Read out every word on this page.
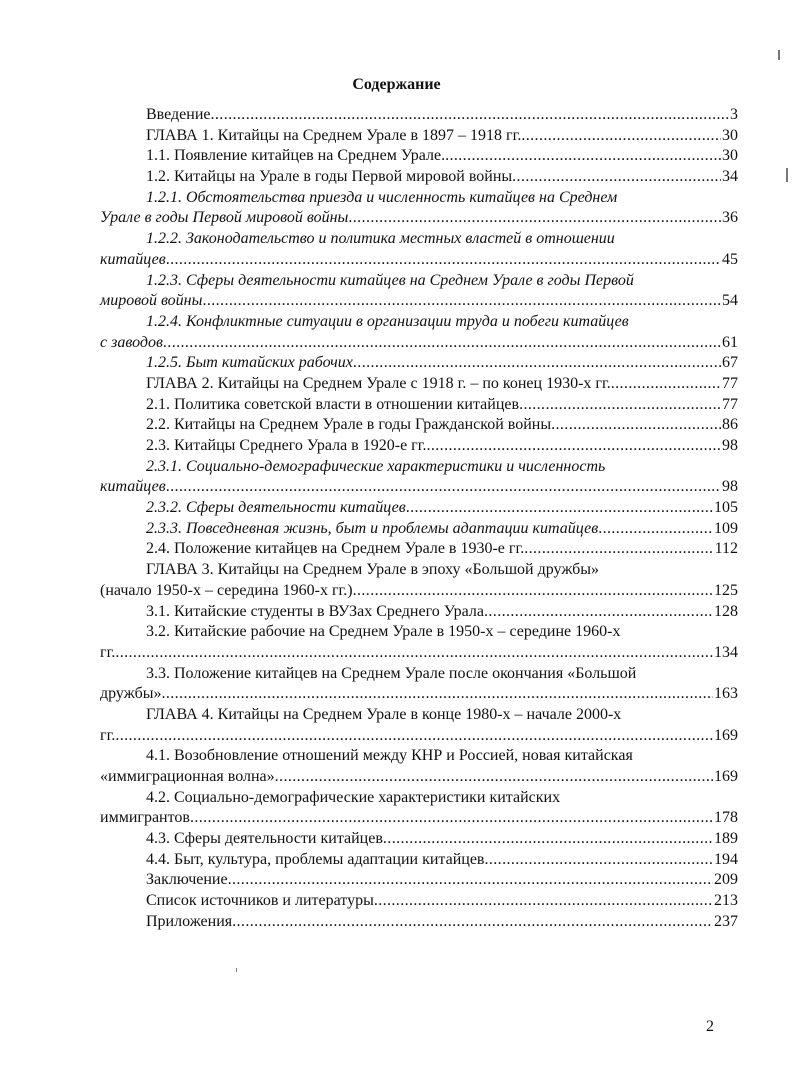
Содержание
Введение .....	3
ГЛАВА 1. Китайцы на Среднем Урале в 1897 – 1918 гг. .....	30
1.1. Появление китайцев на Среднем Урале. .....	30
1.2. Китайцы на Урале в годы Первой мировой войны .....	34
1.2.1. Обстоятельства приезда и численность китайцев на Среднем
Урале в годы Первой мировой войны .....	36
1.2.2. Законодательство и политика местных властей в отношении
китайцев .....	45
1.2.3. Сферы деятельности китайцев на Среднем Урале в годы Первой
мировой войны .....	54
1.2.4. Конфликтные ситуации в организации труда и побеги китайцев
с заводов .....	61
1.2.5. Быт китайских рабочих .....	67
ГЛАВА 2. Китайцы на Среднем Урале с 1918 г. – по конец 1930-х гг. .....	77
2.1. Политика советской власти в отношении китайцев .....	77
2.2. Китайцы на Среднем Урале в годы Гражданской войны .....	86
2.3. Китайцы Среднего Урала в 1920-е гг. .....	98
2.3.1. Социально-демографические характеристики и численность
китайцев .....	98
2.3.2. Сферы деятельности китайцев .....	105
2.3.3. Повседневная жизнь, быт и проблемы адаптации китайцев .....	109
2.4. Положение китайцев на Среднем Урале в 1930-е гг. .....	112
ГЛАВА 3. Китайцы на Среднем Урале в эпоху «Большой дружбы»
(начало 1950-х – середина 1960-х гг.) .....	125
3.1. Китайские студенты в ВУЗах Среднего Урала .....	128
3.2. Китайские рабочие на Среднем Урале в 1950-х – середине 1960-х
гг. .....	134
3.3. Положение китайцев на Среднем Урале после окончания «Большой
дружбы» .....	163
ГЛАВА 4. Китайцы на Среднем Урале в конце 1980-х – начале 2000-х
гг. .....	169
4.1. Возобновление отношений между КНР и Россией, новая китайская
«иммиграционная волна» .....	169
4.2. Социально-демографические характеристики китайских
иммигрантов .....	178
4.3. Сферы деятельности китайцев .....	189
4.4. Быт, культура, проблемы адаптации китайцев .....	194
Заключение .....	209
Список источников и литературы .....	213
Приложения .....	237
2
